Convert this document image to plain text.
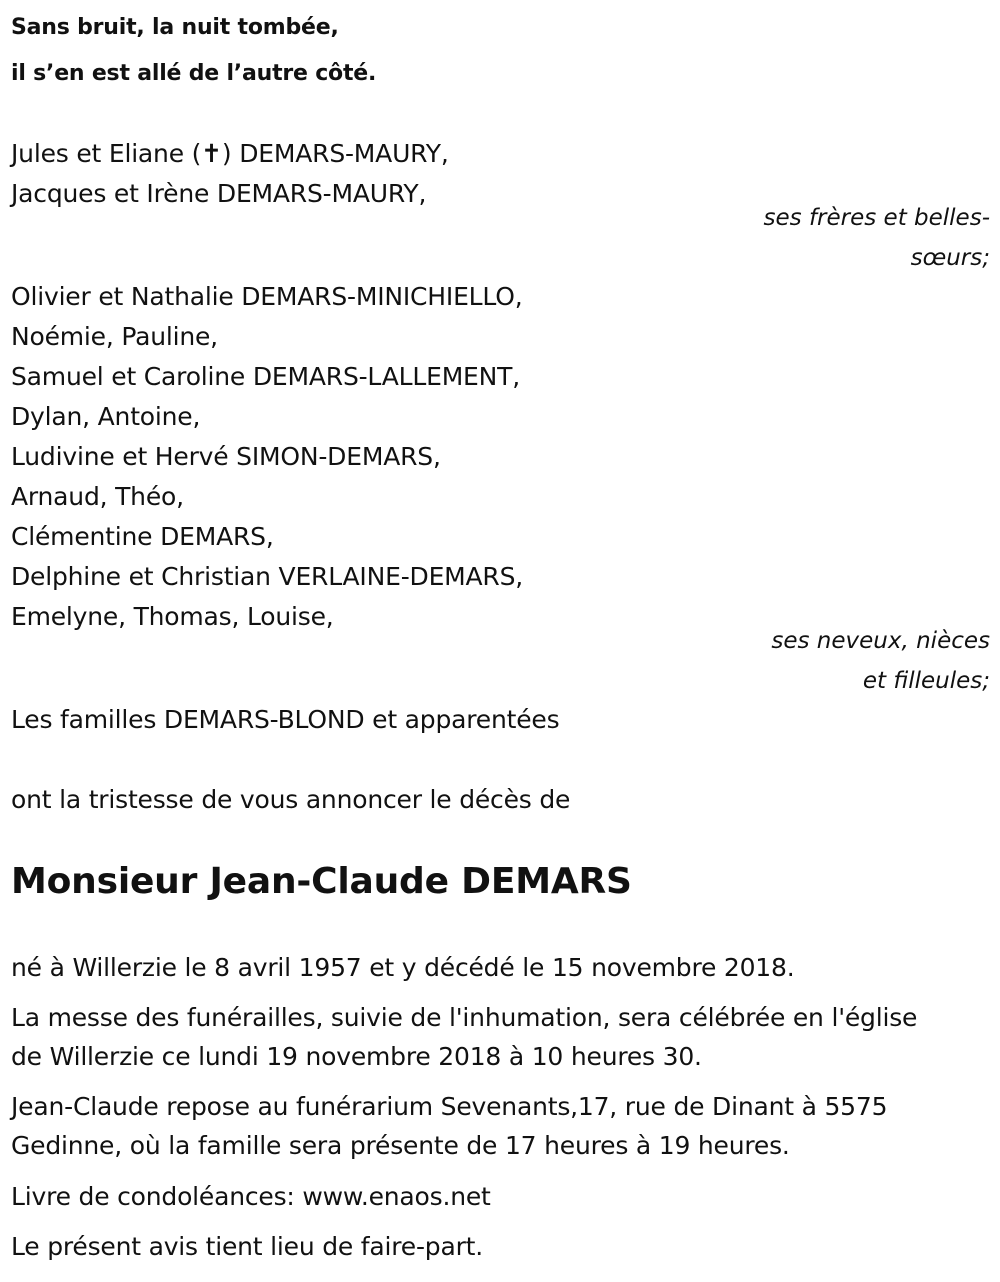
Sans bruit, la nuit tombée,
il s’en est allé de l’autre côté.
Jules et Eliane (✝) DEMARS-MAURY,
Jacques et Irène DEMARS-MAURY,
ses frères et belles-
sœurs;
Olivier et Nathalie DEMARS-MINICHIELLO,
Noémie, Pauline,
Samuel et Caroline DEMARS-LALLEMENT,
Dylan, Antoine,
Ludivine et Hervé SIMON-DEMARS,
Arnaud, Théo,
Clémentine DEMARS,
Delphine et Christian VERLAINE-DEMARS,
Emelyne, Thomas, Louise,
ses neveux, nièces
et filleules;
Les familles DEMARS-BLOND et apparentées
ont la tristesse de vous annoncer le décès de
Monsieur Jean-Claude DEMARS
né à Willerzie le 8 avril 1957 et y décédé le 15 novembre 2018.
La messe des funérailles, suivie de l'inhumation, sera célébrée en l'église
de Willerzie ce lundi 19 novembre 2018 à 10 heures 30.
Jean-Claude repose au funérarium Sevenants,17, rue de Dinant à 5575
Gedinne, où la famille sera présente de 17 heures à 19 heures.
Livre de condoléances: www.enaos.net
Le présent avis tient lieu de faire-part.
